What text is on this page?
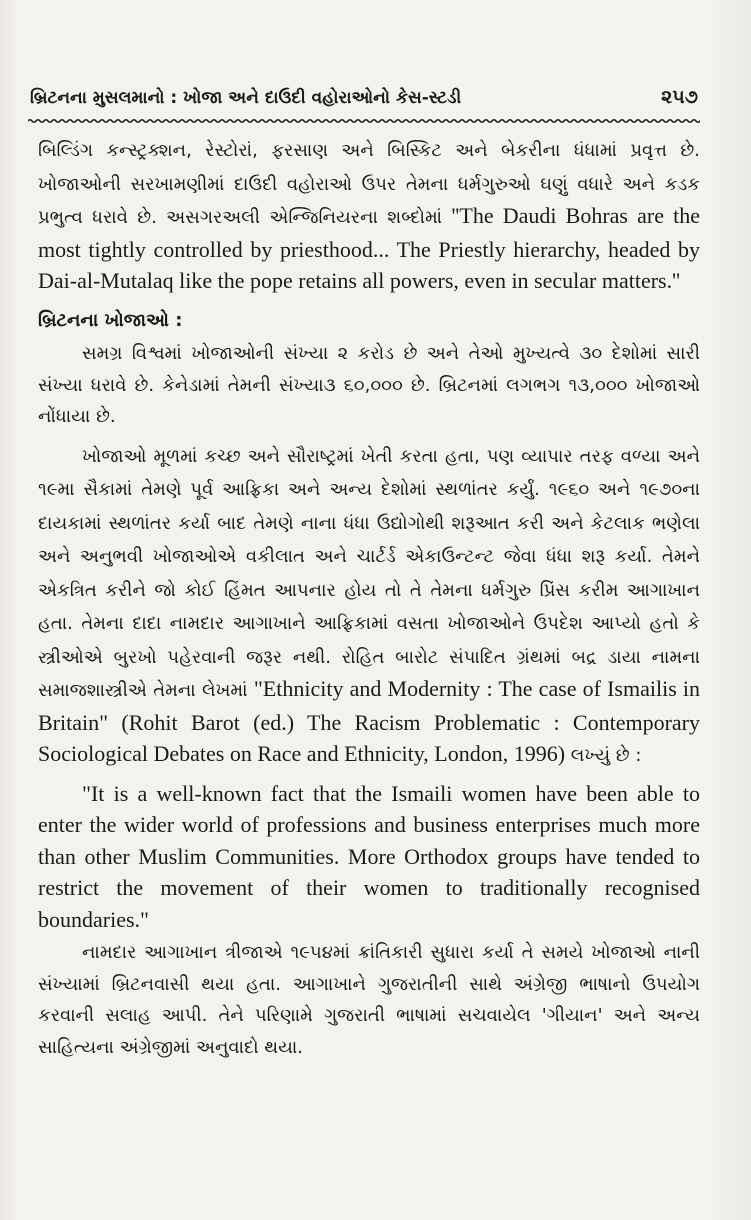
બ્રિટનના મુસલમાનો : ખોજા અને દાઉદી વહોરાઓનો કેસ-સ્ટડી	૨૫૭

બિલ્ડિંગ કન્સ્ટ્રક્શન, રેસ્ટોરાં, ફરસાણ અને બિસ્કિટ અને બેકરીના ધંધામાં પ્રવૃત્ત છે. ખોજાઓની સરખામણીમાં દાઉદી વહોરાઓ ઉપર તેમના ધર્મગુરુઓ ઘણું વધારે અને કડક પ્રભુત્વ ધરાવે છે. અસગરઅલી એન્જિનિયરના શબ્દોમાં ''The Daudi Bohras are the most tightly controlled by priesthood... The Priestly hierarchy, headed by Dai-al-Mutalaq like the pope retains all powers, even in secular matters.''

બ્રિટનના ખોજાઓ :

સમગ્ર વિશ્વમાં ખોજાઓની સંખ્યા ૨ કરોડ છે અને તેઓ મુખ્યત્વે ૩૦ દેશોમાં સારી સંખ્યા ધરાવે છે. કેનેડામાં તેમની સંખ્યા૩ ૬૦,૦૦૦ છે. બ્રિટનમાં લગભગ ૧૩,૦૦૦ ખોજાઓ નોંધાયા છે.

ખોજાઓ મૂળમાં કચ્છ અને સૌરાષ્ટ્રમાં ખેતી કરતા હતા, પણ વ્યાપાર તરફ વળ્યા અને ૧૯મા સૈકામાં તેમણે પૂર્વ આફ્રિકા અને અન્ય દેશોમાં સ્થળાંતર કર્યું. ૧૯૬૦ અને ૧૯૭૦ના દાયકામાં સ્થળાંતર કર્યા બાદ તેમણે નાના ધંધા ઉદ્યોગોથી શરૂઆત કરી અને કેટલાક ભણેલા અને અનુભવી ખોજાઓએ વકીલાત અને ચાર્ટર્ડ એકાઉન્ટન્ટ જેવા ધંધા શરૂ કર્યા. તેમને એકત્રિત કરીને જો કોઈ હિંમત આપનાર હોય તો તે તેમના ધર્મગુરુ પ્રિંસ કરીમ આગાખાન હતા. તેમના દાદા નામદાર આગાખાને આફ્રિકામાં વસતા ખોજાઓને ઉપદેશ આપ્યો હતો કે સ્ત્રીઓએ બુરખો પહેરવાની જરૂર નથી. રોહિત બારોટ સંપાદિત ગ્રંથમાં બદ્ર ડાયા નામના સમાજશાસ્ત્રીએ તેમના લેખમાં "Ethnicity and Modernity : The case of Ismailis in Britain" (Rohit Barot (ed.) The Racism Problematic : Contemporary Sociological Debates on Race and Ethnicity, London, 1996) લખ્યું છે :

"It is a well-known fact that the Ismaili women have been able to enter the wider world of professions and business enterprises much more than other Muslim Communities. More Orthodox groups have tended to restrict the movement of their women to traditionally recognised boundaries."

નામદાર આગાખાન ત્રીજાએ ૧૯૫૪માં ક્રાંતિકારી સુધારા કર્યા તે સમયે ખોજાઓ નાની સંખ્યામાં બ્રિટનવાસી થયા હતા. આગાખાને ગુજરાતીની સાથે અંગ્રેજી ભાષાનો ઉપયોગ કરવાની સલાહ આપી. તેને પરિણામે ગુજરાતી ભાષામાં સચવાયેલ 'ગીયાન' અને અન્ય સાહિત્યના અંગ્રેજીમાં અનુવાદો થયા.
